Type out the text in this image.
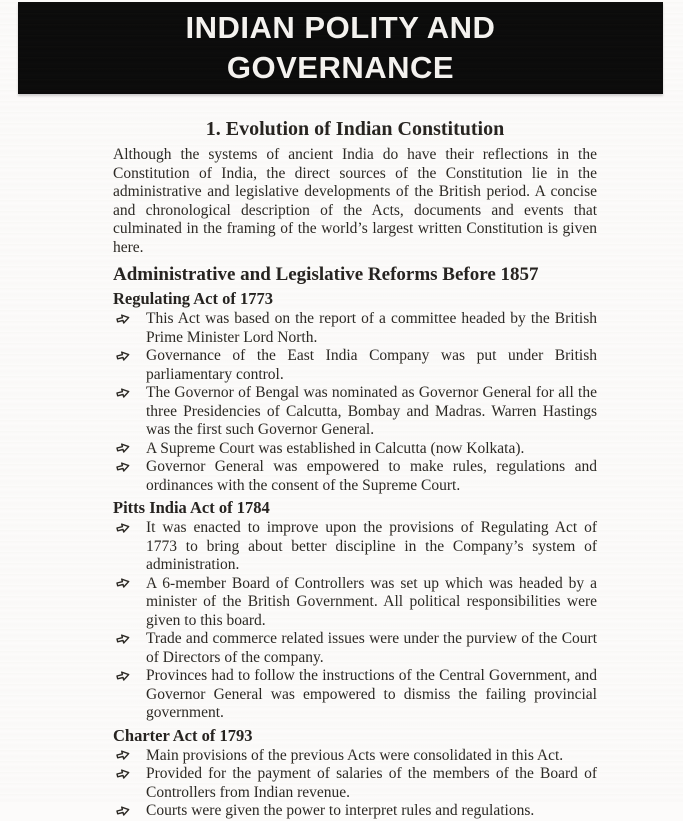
INDIAN POLITY AND
GOVERNANCE
1. Evolution of Indian Constitution

Although the systems of ancient India do have their reflections in the Constitution of India, the direct sources of the Constitution lie in the administrative and legislative developments of the British period. A concise and chronological description of the Acts, documents and events that culminated in the framing of the world’s largest written Constitution is given here.

Administrative and Legislative Reforms Before 1857
Regulating Act of 1773
This Act was based on the report of a committee headed by the British Prime Minister Lord North.
Governance of the East India Company was put under British parliamentary control.
The Governor of Bengal was nominated as Governor General for all the three Presidencies of Calcutta, Bombay and Madras. Warren Hastings was the first such Governor General.
A Supreme Court was established in Calcutta (now Kolkata).
Governor General was empowered to make rules, regulations and ordinances with the consent of the Supreme Court.
Pitts India Act of 1784
It was enacted to improve upon the provisions of Regulating Act of 1773 to bring about better discipline in the Company’s system of administration.
A 6-member Board of Controllers was set up which was headed by a minister of the British Government. All political responsibilities were given to this board.
Trade and commerce related issues were under the purview of the Court of Directors of the company.
Provinces had to follow the instructions of the Central Government, and Governor General was empowered to dismiss the failing provincial government.
Charter Act of 1793
Main provisions of the previous Acts were consolidated in this Act.
Provided for the payment of salaries of the members of the Board of Controllers from Indian revenue.
Courts were given the power to interpret rules and regulations.
